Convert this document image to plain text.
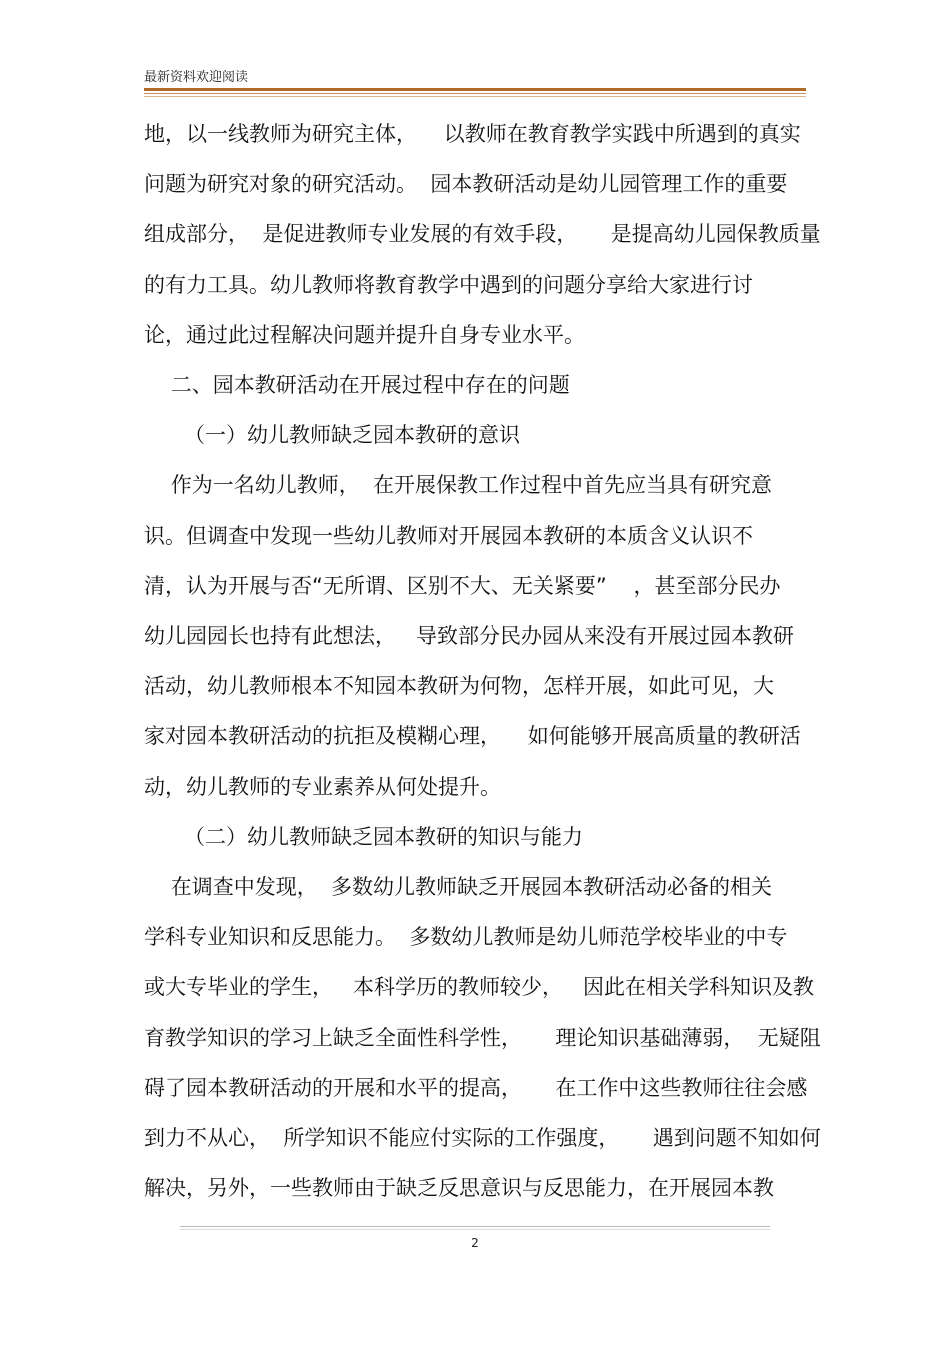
最新资料欢迎阅读
地，以一线教师为研究主体，    以教师在教育教学实践中所遇到的真实
问题为研究对象的研究活动。  园本教研活动是幼儿园管理工作的重要
组成部分，  是促进教师专业发展的有效手段，     是提高幼儿园保教质量
的有力工具。幼儿教师将教育教学中遇到的问题分享给大家进行讨
论，通过此过程解决问题并提升自身专业水平。
二、园本教研活动在开展过程中存在的问题
（一）幼儿教师缺乏园本教研的意识
作为一名幼儿教师，  在开展保教工作过程中首先应当具有研究意
识。但调查中发现一些幼儿教师对开展园本教研的本质含义认识不
清，认为开展与否“无所谓、区别不大、无关紧要”    ，甚至部分民办
幼儿园园长也持有此想法，   导致部分民办园从来没有开展过园本教研
活动，幼儿教师根本不知园本教研为何物，怎样开展，如此可见，大
家对园本教研活动的抗拒及模糊心理，    如何能够开展高质量的教研活
动，幼儿教师的专业素养从何处提升。
（二）幼儿教师缺乏园本教研的知识与能力
在调查中发现，  多数幼儿教师缺乏开展园本教研活动必备的相关
学科专业知识和反思能力。  多数幼儿教师是幼儿师范学校毕业的中专
或大专毕业的学生，   本科学历的教师较少，   因此在相关学科知识及教
育教学知识的学习上缺乏全面性科学性，     理论知识基础薄弱，  无疑阻
碍了园本教研活动的开展和水平的提高，     在工作中这些教师往往会感
到力不从心，  所学知识不能应付实际的工作强度，     遇到问题不知如何
解决，另外，一些教师由于缺乏反思意识与反思能力，在开展园本教
2
